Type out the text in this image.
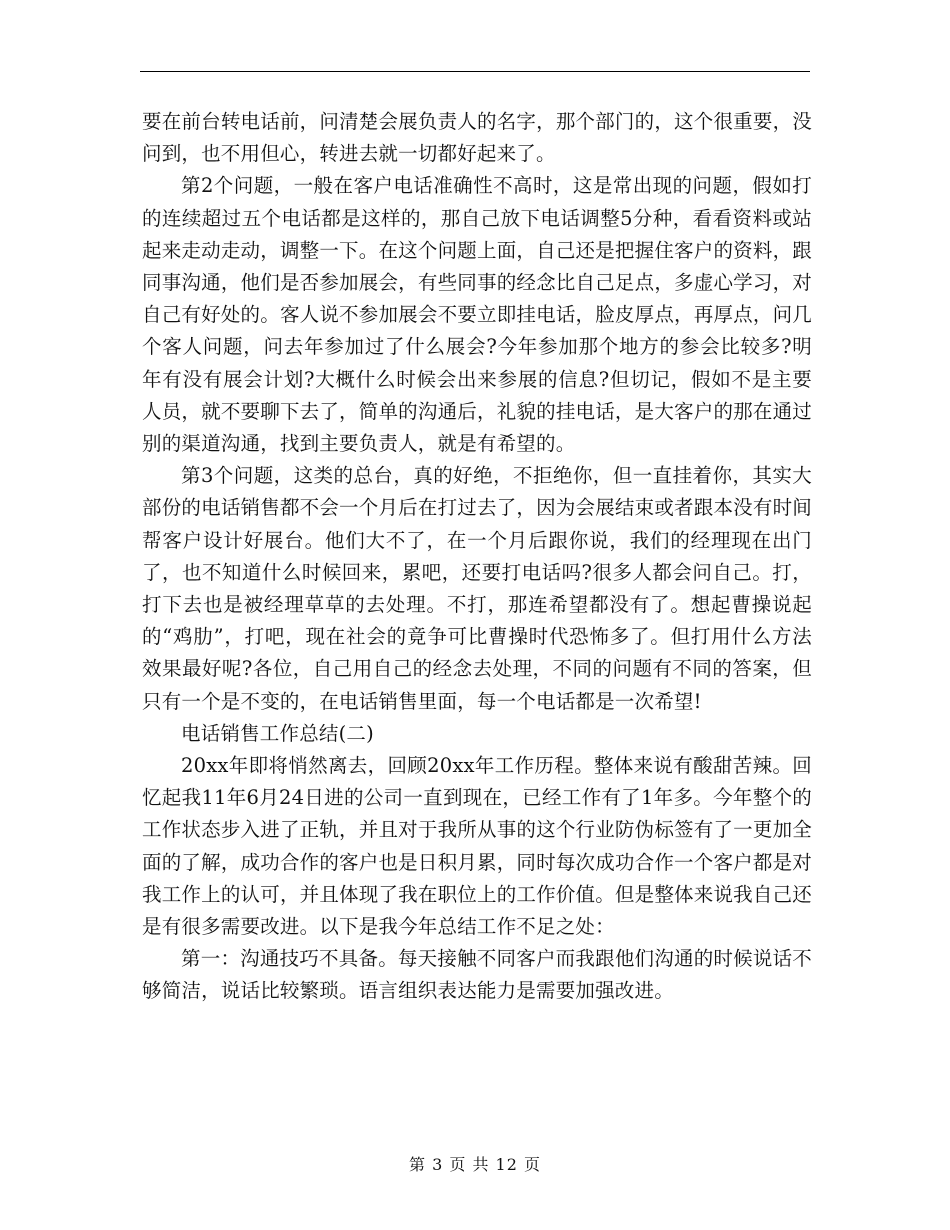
要在前台转电话前，问清楚会展负责人的名字，那个部门的，这个很重要，没问到，也不用但心，转进去就一切都好起来了。

第2个问题，一般在客户电话准确性不高时，这是常出现的问题，假如打的连续超过五个电话都是这样的，那自己放下电话调整5分种，看看资料或站起来走动走动，调整一下。在这个问题上面，自己还是把握住客户的资料，跟同事沟通，他们是否参加展会，有些同事的经念比自己足点，多虚心学习，对自己有好处的。客人说不参加展会不要立即挂电话，脸皮厚点，再厚点，问几个客人问题，问去年参加过了什么展会?今年参加那个地方的参会比较多?明年有没有展会计划?大概什么时候会出来参展的信息?但切记，假如不是主要人员，就不要聊下去了，简单的沟通后，礼貌的挂电话，是大客户的那在通过别的渠道沟通，找到主要负责人，就是有希望的。

第3个问题，这类的总台，真的好绝，不拒绝你，但一直挂着你，其实大部份的电话销售都不会一个月后在打过去了，因为会展结束或者跟本没有时间帮客户设计好展台。他们大不了，在一个月后跟你说，我们的经理现在出门了，也不知道什么时候回来，累吧，还要打电话吗?很多人都会问自己。打，打下去也是被经理草草的去处理。不打，那连希望都没有了。想起曹操说起的“鸡肋”，打吧，现在社会的竟争可比曹操时代恐怖多了。但打用什么方法效果最好呢?各位，自己用自己的经念去处理，不同的问题有不同的答案，但只有一个是不变的，在电话销售里面，每一个电话都是一次希望!

电话销售工作总结(二)

20xx年即将悄然离去，回顾20xx年工作历程。整体来说有酸甜苦辣。回忆起我11年6月24日进的公司一直到现在，已经工作有了1年多。今年整个的工作状态步入进了正轨，并且对于我所从事的这个行业防伪标签有了一更加全面的了解，成功合作的客户也是日积月累，同时每次成功合作一个客户都是对我工作上的认可，并且体现了我在职位上的工作价值。但是整体来说我自己还是有很多需要改进。以下是我今年总结工作不足之处：

第一：沟通技巧不具备。每天接触不同客户而我跟他们沟通的时候说话不够简洁，说话比较繁琐。语言组织表达能力是需要加强改进。

第 3 页 共 12 页
